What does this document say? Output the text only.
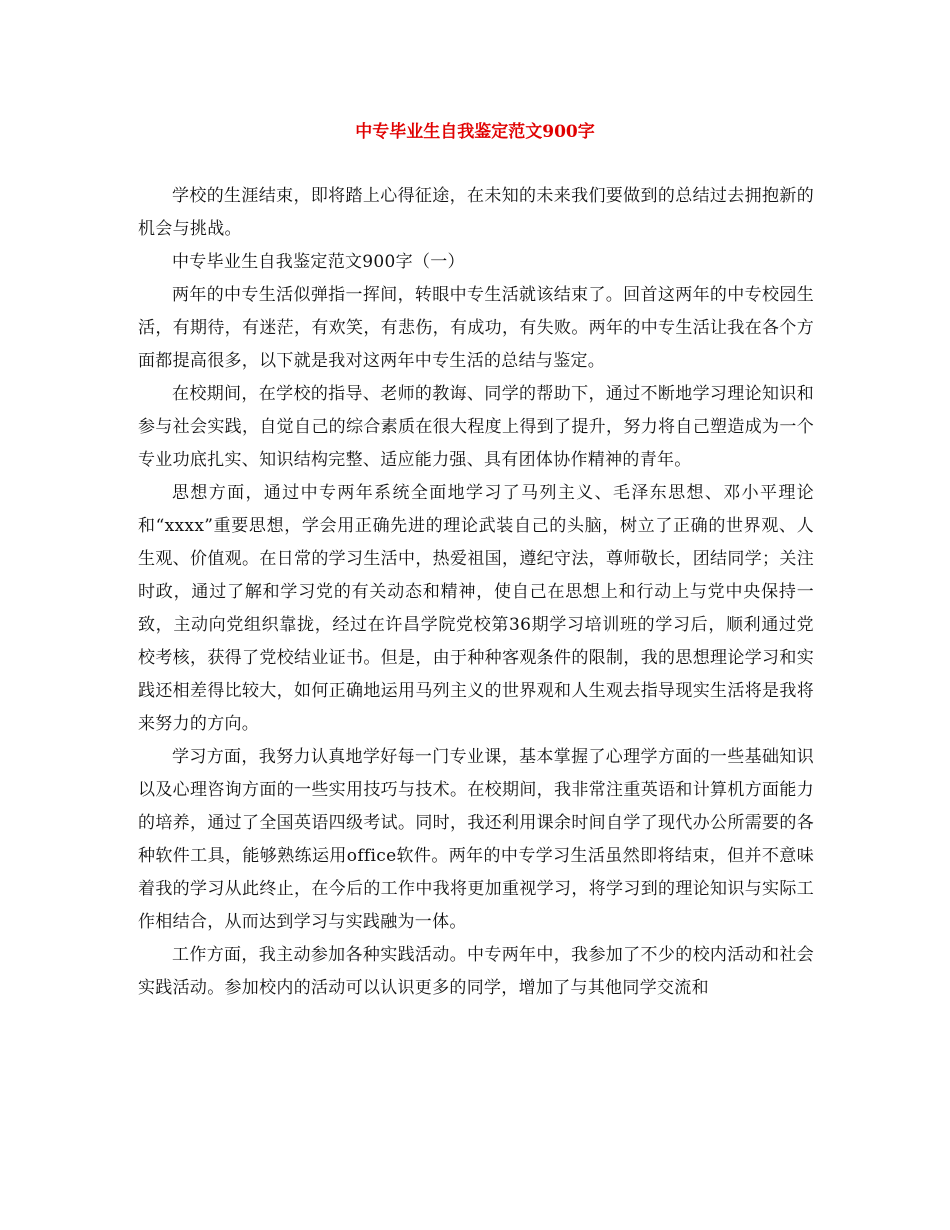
中专毕业生自我鉴定范文900字

学校的生涯结束，即将踏上心得征途，在未知的未来我们要做到的总结过去拥抱新的机会与挑战。

中专毕业生自我鉴定范文900字（一）

两年的中专生活似弹指一挥间，转眼中专生活就该结束了。回首这两年的中专校园生活，有期待，有迷茫，有欢笑，有悲伤，有成功，有失败。两年的中专生活让我在各个方面都提高很多，以下就是我对这两年中专生活的总结与鉴定。

在校期间，在学校的指导、老师的教诲、同学的帮助下，通过不断地学习理论知识和参与社会实践，自觉自己的综合素质在很大程度上得到了提升，努力将自己塑造成为一个专业功底扎实、知识结构完整、适应能力强、具有团体协作精神的青年。

思想方面，通过中专两年系统全面地学习了马列主义、毛泽东思想、邓小平理论和“xxxx”重要思想，学会用正确先进的理论武装自己的头脑，树立了正确的世界观、人生观、价值观。在日常的学习生活中，热爱祖国，遵纪守法，尊师敬长，团结同学；关注时政，通过了解和学习党的有关动态和精神，使自己在思想上和行动上与党中央保持一致，主动向党组织靠拢，经过在许昌学院党校第36期学习培训班的学习后，顺利通过党校考核，获得了党校结业证书。但是，由于种种客观条件的限制，我的思想理论学习和实践还相差得比较大，如何正确地运用马列主义的世界观和人生观去指导现实生活将是我将来努力的方向。

学习方面，我努力认真地学好每一门专业课，基本掌握了心理学方面的一些基础知识以及心理咨询方面的一些实用技巧与技术。在校期间，我非常注重英语和计算机方面能力的培养，通过了全国英语四级考试。同时，我还利用课余时间自学了现代办公所需要的各种软件工具，能够熟练运用office软件。两年的中专学习生活虽然即将结束，但并不意味着我的学习从此终止，在今后的工作中我将更加重视学习，将学习到的理论知识与实际工作相结合，从而达到学习与实践融为一体。

工作方面，我主动参加各种实践活动。中专两年中，我参加了不少的校内活动和社会实践活动。参加校内的活动可以认识更多的同学，增加了与其他同学交流和
